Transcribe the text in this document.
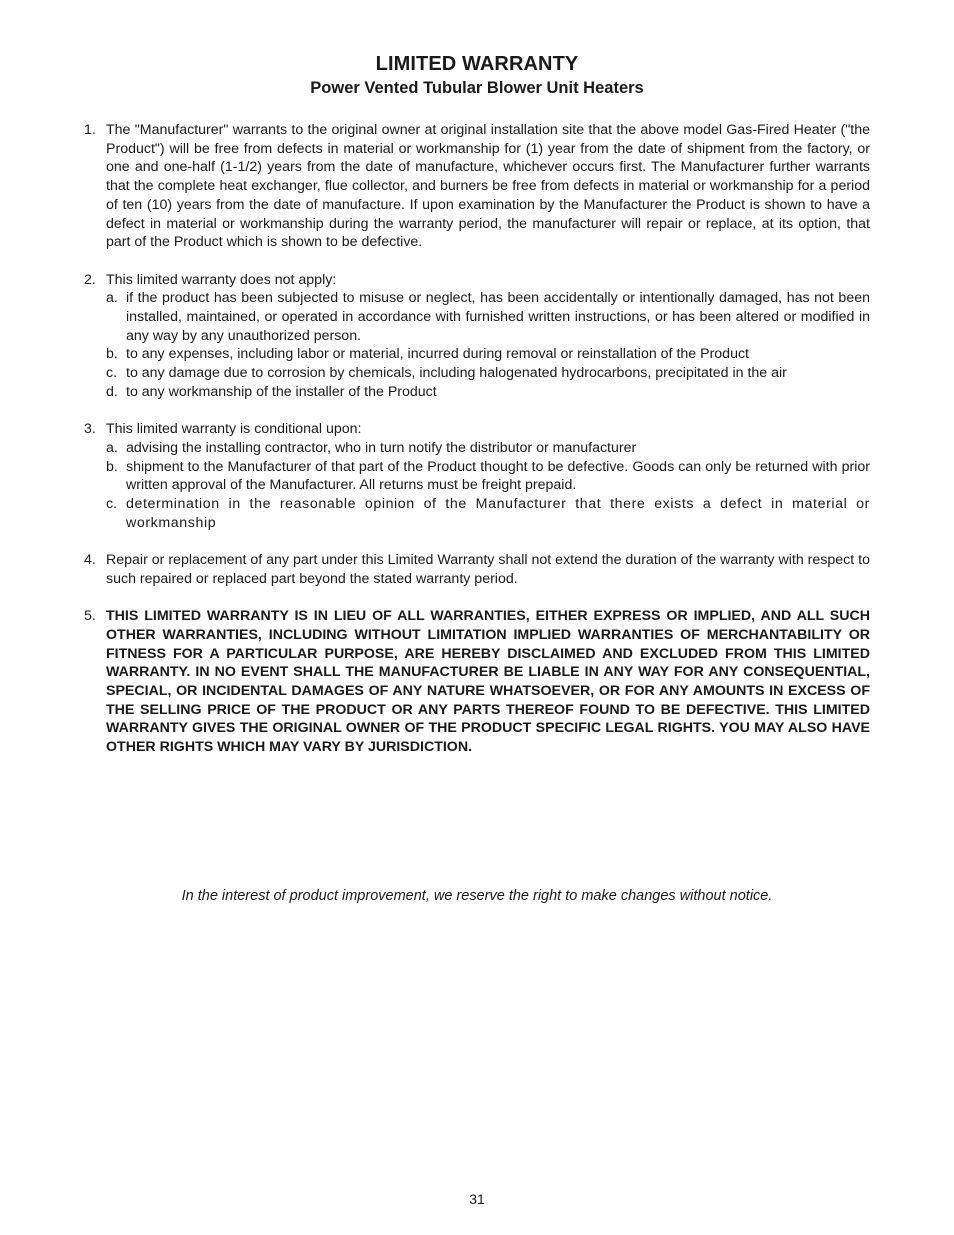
LIMITED WARRANTY
Power Vented Tubular Blower Unit Heaters
1. The "Manufacturer" warrants to the original owner at original installation site that the above model Gas-Fired Heater ("the Product") will be free from defects in material or workmanship for (1) year from the date of shipment from the factory, or one and one-half (1-1/2) years from the date of manufacture, whichever occurs first. The Manufacturer further warrants that the complete heat exchanger, flue collector, and burners be free from defects in material or workmanship for a period of ten (10) years from the date of manufacture. If upon examination by the Manufacturer the Product is shown to have a defect in material or workmanship during the warranty period, the manufacturer will repair or replace, at its option, that part of the Product which is shown to be defective.
2. This limited warranty does not apply:
a. if the product has been subjected to misuse or neglect, has been accidentally or intentionally damaged, has not been installed, maintained, or operated in accordance with furnished written instructions, or has been altered or modified in any way by any unauthorized person.
b. to any expenses, including labor or material, incurred during removal or reinstallation of the Product
c. to any damage due to corrosion by chemicals, including halogenated hydrocarbons, precipitated in the air
d. to any workmanship of the installer of the Product
3. This limited warranty is conditional upon:
a. advising the installing contractor, who in turn notify the distributor or manufacturer
b. shipment to the Manufacturer of that part of the Product thought to be defective. Goods can only be returned with prior written approval of the Manufacturer. All returns must be freight prepaid.
c. determination in the reasonable opinion of the Manufacturer that there exists a defect in material or workmanship
4. Repair or replacement of any part under this Limited Warranty shall not extend the duration of the warranty with respect to such repaired or replaced part beyond the stated warranty period.
5. THIS LIMITED WARRANTY IS IN LIEU OF ALL WARRANTIES, EITHER EXPRESS OR IMPLIED, AND ALL SUCH OTHER WARRANTIES, INCLUDING WITHOUT LIMITATION IMPLIED WARRANTIES OF MERCHANTABILITY OR FITNESS FOR A PARTICULAR PURPOSE, ARE HEREBY DISCLAIMED AND EXCLUDED FROM THIS LIMITED WARRANTY. IN NO EVENT SHALL THE MANUFACTURER BE LIABLE IN ANY WAY FOR ANY CONSEQUENTIAL, SPECIAL, OR INCIDENTAL DAMAGES OF ANY NATURE WHATSOEVER, OR FOR ANY AMOUNTS IN EXCESS OF THE SELLING PRICE OF THE PRODUCT OR ANY PARTS THEREOF FOUND TO BE DEFECTIVE. THIS LIMITED WARRANTY GIVES THE ORIGINAL OWNER OF THE PRODUCT SPECIFIC LEGAL RIGHTS. YOU MAY ALSO HAVE OTHER RIGHTS WHICH MAY VARY BY JURISDICTION.
In the interest of product improvement, we reserve the right to make changes without notice.
31
